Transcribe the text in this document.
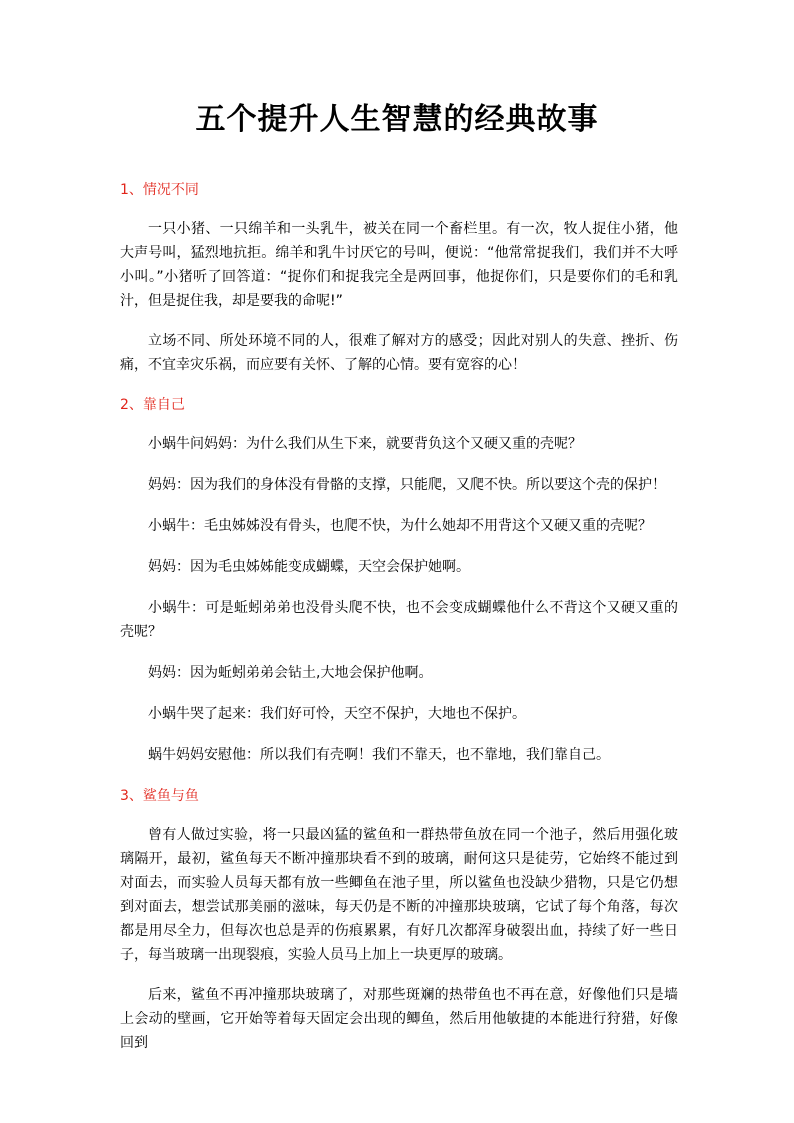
五个提升人生智慧的经典故事
1、情况不同

一只小猪、一只绵羊和一头乳牛，被关在同一个畜栏里。有一次，牧人捉住小猪，他大声号叫，猛烈地抗拒。绵羊和乳牛讨厌它的号叫，便说：“他常常捉我们，我们并不大呼小叫。”小猪听了回答道：“捉你们和捉我完全是两回事，他捉你们，只是要你们的毛和乳汁，但是捉住我，却是要我的命呢!”

立场不同、所处环境不同的人，很难了解对方的感受；因此对别人的失意、挫折、伤痛，不宜幸灾乐祸，而应要有关怀、了解的心情。要有宽容的心！

2、靠自己

小蜗牛问妈妈：为什么我们从生下来，就要背负这个又硬又重的壳呢？

妈妈：因为我们的身体没有骨骼的支撑，只能爬，又爬不快。所以要这个壳的保护！

小蜗牛：毛虫姊姊没有骨头，也爬不快，为什么她却不用背这个又硬又重的壳呢？

妈妈：因为毛虫姊姊能变成蝴蝶，天空会保护她啊。

小蜗牛：可是蚯蚓弟弟也没骨头爬不快，也不会变成蝴蝶他什么不背这个又硬又重的壳呢？

妈妈：因为蚯蚓弟弟会钻土,大地会保护他啊。

小蜗牛哭了起来：我们好可怜，天空不保护，大地也不保护。

蜗牛妈妈安慰他：所以我们有壳啊！我们不靠天，也不靠地，我们靠自己。

3、鲨鱼与鱼

曾有人做过实验，将一只最凶猛的鲨鱼和一群热带鱼放在同一个池子，然后用强化玻璃隔开，最初，鲨鱼每天不断冲撞那块看不到的玻璃，耐何这只是徒劳，它始终不能过到对面去，而实验人员每天都有放一些鲫鱼在池子里，所以鲨鱼也没缺少猎物，只是它仍想到对面去，想尝试那美丽的滋味，每天仍是不断的冲撞那块玻璃，它试了每个角落，每次都是用尽全力，但每次也总是弄的伤痕累累，有好几次都浑身破裂出血，持续了好一些日子，每当玻璃一出现裂痕，实验人员马上加上一块更厚的玻璃。

后来，鲨鱼不再冲撞那块玻璃了，对那些斑斓的热带鱼也不再在意，好像他们只是墙上会动的壁画，它开始等着每天固定会出现的鲫鱼，然后用他敏捷的本能进行狩猎，好像回到
